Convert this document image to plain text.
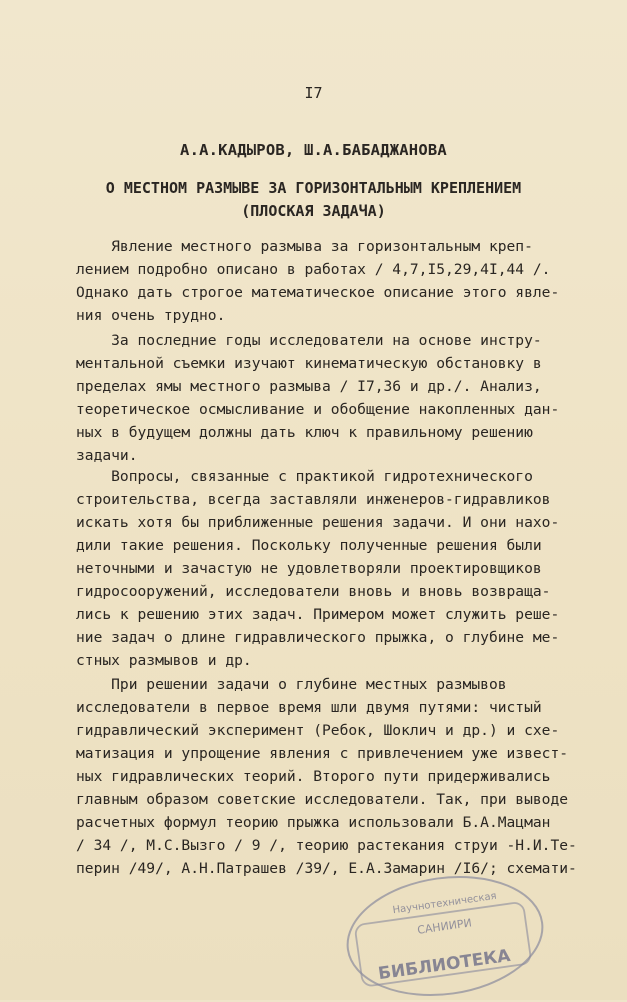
I7
А.А.КАДЫРОВ, Ш.А.БАБАДЖАНОВА
О МЕСТНОМ РАЗМЫВЕ ЗА ГОРИЗОНТАЛЬНЫМ КРЕПЛЕНИЕМ
(ПЛОСКАЯ ЗАДАЧА)
Явление местного размыва за горизонтальным креп-
лением подробно описано в работах / 4,7,I5,29,4I,44 /.
Однако дать строгое математическое описание этого явле-
ния очень трудно.
За последние годы исследователи на основе инстру-
ментальной съемки изучают кинематическую обстановку в
пределах ямы местного размыва / I7,36 и др./. Анализ,
теоретическое осмысливание и обобщение накопленных дан-
ных в будущем должны дать ключ к правильному решению
задачи.
Вопросы, связанные с практикой гидротехнического
строительства, всегда заставляли инженеров-гидравликов
искать хотя бы приближенные решения задачи. И они нахо-
дили такие решения. Поскольку полученные решения были
неточными и зачастую не удовлетворяли проектировщиков
гидросооружений, исследователи вновь и вновь возвраща-
лись к решению этих задач. Примером может служить реше-
ние задач о длине гидравлического прыжка, о глубине ме-
стных размывов и др.
При решении задачи о глубине местных размывов
исследователи в первое время шли двумя путями: чистый
гидравлический эксперимент (Ребок, Шоклич и др.) и схе-
матизация и упрощение явления с привлечением уже извест-
ных гидравлических теорий. Второго пути придерживались
главным образом советские исследователи. Так, при выводе
расчетных формул теорию прыжка использовали Б.А.Мацман
/ 34 /, М.С.Вызго / 9 /, теорию растекания струи -Н.И.Те-
перин /49/, А.Н.Патрашев /39/, Е.А.Замарин /I6/; схемати-
Научнотехническая
САНИИРИ
БИБЛИОТЕКА
